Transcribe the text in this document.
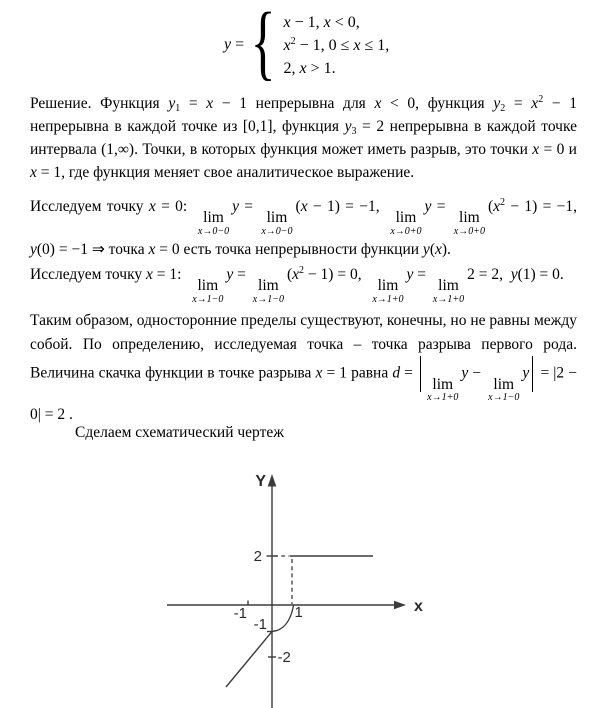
y = { x − 1, x < 0,
$x^2 - 1$, 0 ≤ x ≤ 1,
2, x > 1.

Решение. Функция $y_1 = x - 1$ непрерывна для x < 0, функция $y_2 = x^2 - 1$ непрерывна в каждой точке из [0,1], функция $y_3 = 2$ непрерывна в каждой точке интервала (1,∞). Точки, в которых функция может иметь разрыв, это точки x = 0 и x = 1, где функция меняет свое аналитическое выражение.

Исследуем точку x = 0: 
lim
x→0−0
y =
lim
x→0−0
(x − 1) = −1, 
lim
x→0+0
y =
lim
x→0+0
$(x^2 - 1) = -1$, y(0) = −1 ⇒ точка x = 0 есть точка непрерывности функции y(x).

Исследуем точку x = 1: 
lim
x→1−0
y =
lim
x→1−0
$(x^2 - 1) = 0$, 
lim
x→1+0
y =
lim
x→1+0
2 = 2, y(1) = 0.

Таким образом, односторонние пределы существуют, конечны, но не равны между собой. По определению, исследуемая точка – точка разрыва первого рода. Величина скачка функции в точке разрыва x = 1 равна d =
lim
x→1+0
y −
lim
x→1−0
y = |2 − 0| = 2 .

Сделаем схематический чертеж

Y
x
2
-1	1
-1
-2
